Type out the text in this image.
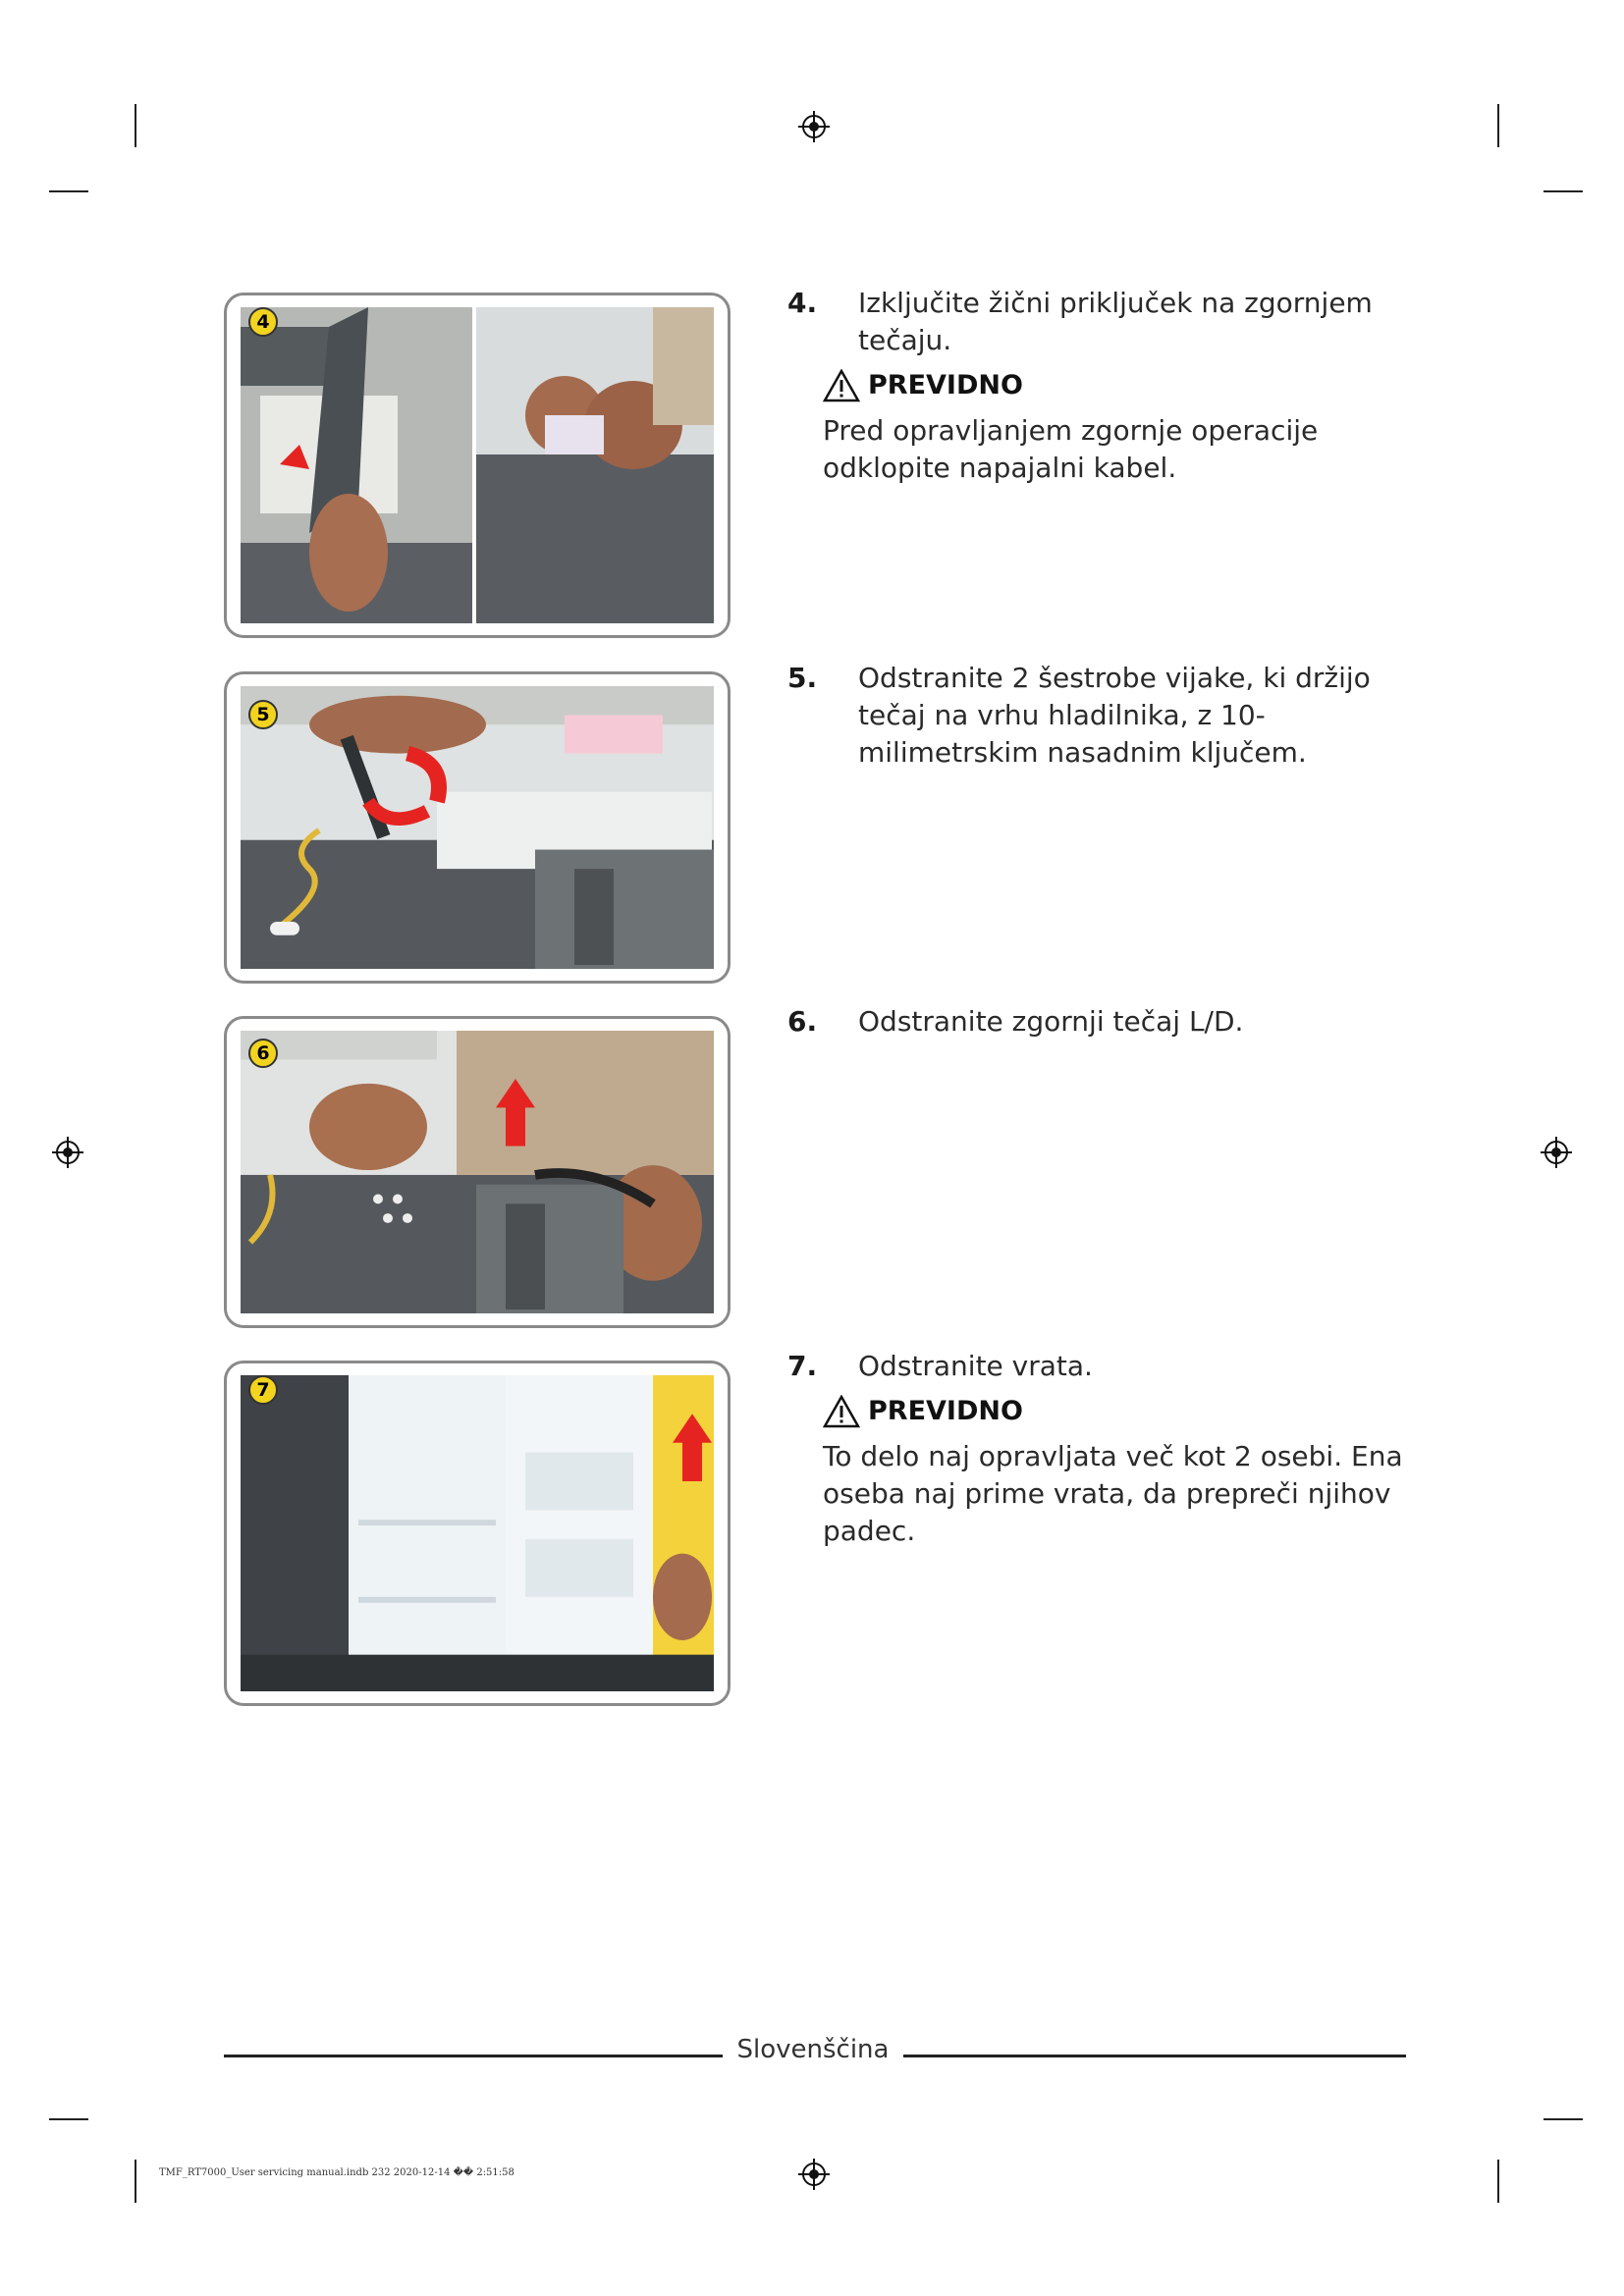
4
5
6
7
4. Izključite žični priključek na zgornjem tečaju.
PREVIDNO
Pred opravljanjem zgornje operacije odklopite napajalni kabel.
5. Odstranite 2 šestrobe vijake, ki držijo tečaj na vrhu hladilnika, z 10-milimetrskim nasadnim ključem.
6. Odstranite zgornji tečaj L/D.
7. Odstranite vrata.
PREVIDNO
To delo naj opravljata več kot 2 osebi. Ena oseba naj prime vrata, da prepreči njihov padec.
Slovenščina
TMF_RT7000_User servicing manual.indb 232 2020-12-14 �� 2:51:58
